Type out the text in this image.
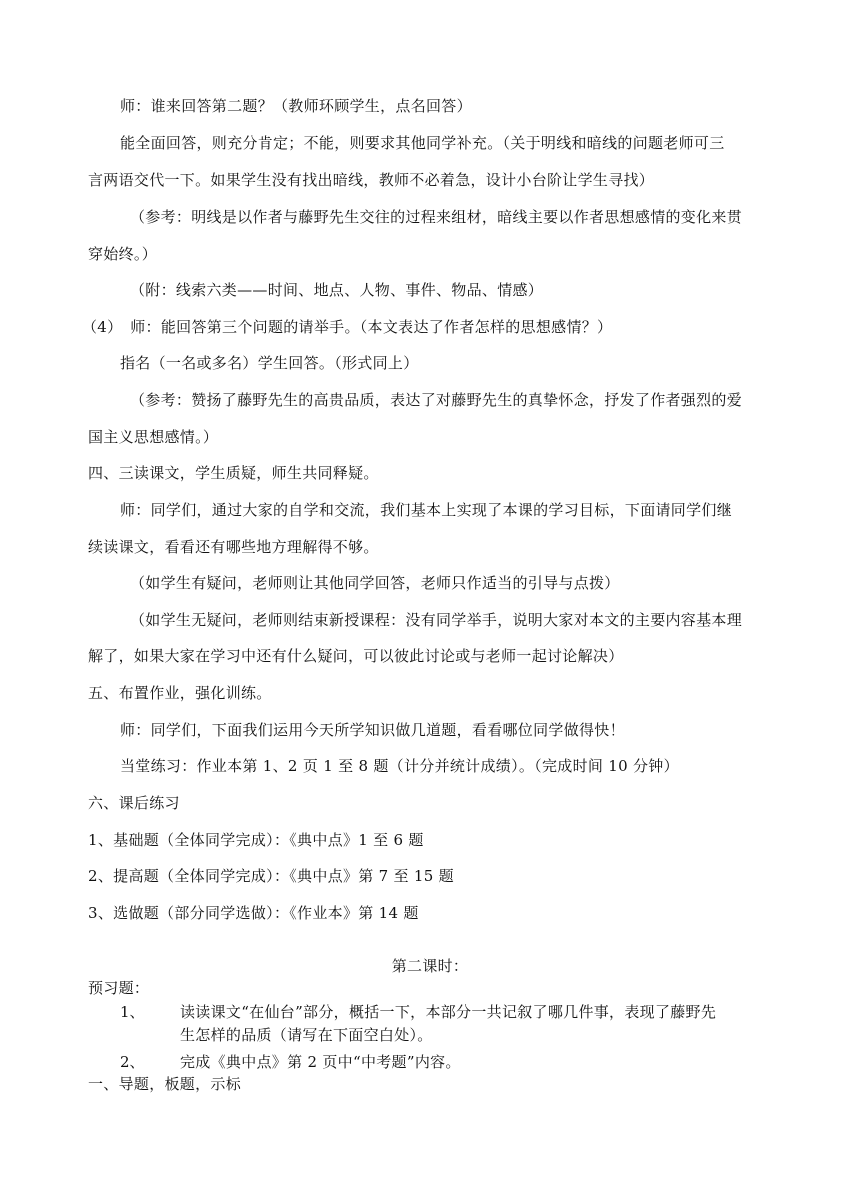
师：谁来回答第二题？（教师环顾学生，点名回答）
能全面回答，则充分肯定；不能，则要求其他同学补充。（关于明线和暗线的问题老师可三
言两语交代一下。如果学生没有找出暗线，教师不必着急，设计小台阶让学生寻找）
（参考：明线是以作者与藤野先生交往的过程来组材，暗线主要以作者思想感情的变化来贯
穿始终。）
（附：线索六类——时间、地点、人物、事件、物品、情感）
（4）　师：能回答第三个问题的请举手。（本文表达了作者怎样的思想感情？）
指名（一名或多名）学生回答。（形式同上）
（参考：赞扬了藤野先生的高贵品质，表达了对藤野先生的真挚怀念，抒发了作者强烈的爱
国主义思想感情。）
四、三读课文，学生质疑，师生共同释疑。
师：同学们，通过大家的自学和交流，我们基本上实现了本课的学习目标，下面请同学们继
续读课文，看看还有哪些地方理解得不够。
（如学生有疑问，老师则让其他同学回答，老师只作适当的引导与点拨）
（如学生无疑问，老师则结束新授课程：没有同学举手，说明大家对本文的主要内容基本理
解了，如果大家在学习中还有什么疑问，可以彼此讨论或与老师一起讨论解决）
五、布置作业，强化训练。
师：同学们，下面我们运用今天所学知识做几道题，看看哪位同学做得快！
当堂练习：作业本第 1、2 页 1 至 8 题（计分并统计成绩）。（完成时间 10 分钟）
六、课后练习
1、基础题（全体同学完成）：《典中点》1 至 6 题
2、提高题（全体同学完成）：《典中点》第 7 至 15 题
3、选做题（部分同学选做）：《作业本》第 14 题
第二课时：
预习题：
1、 读读课文“在仙台”部分，概括一下，本部分一共记叙了哪几件事，表现了藤野先
生怎样的品质（请写在下面空白处）。
2、 完成《典中点》第 2 页中“中考题”内容。
一、导题，板题，示标
